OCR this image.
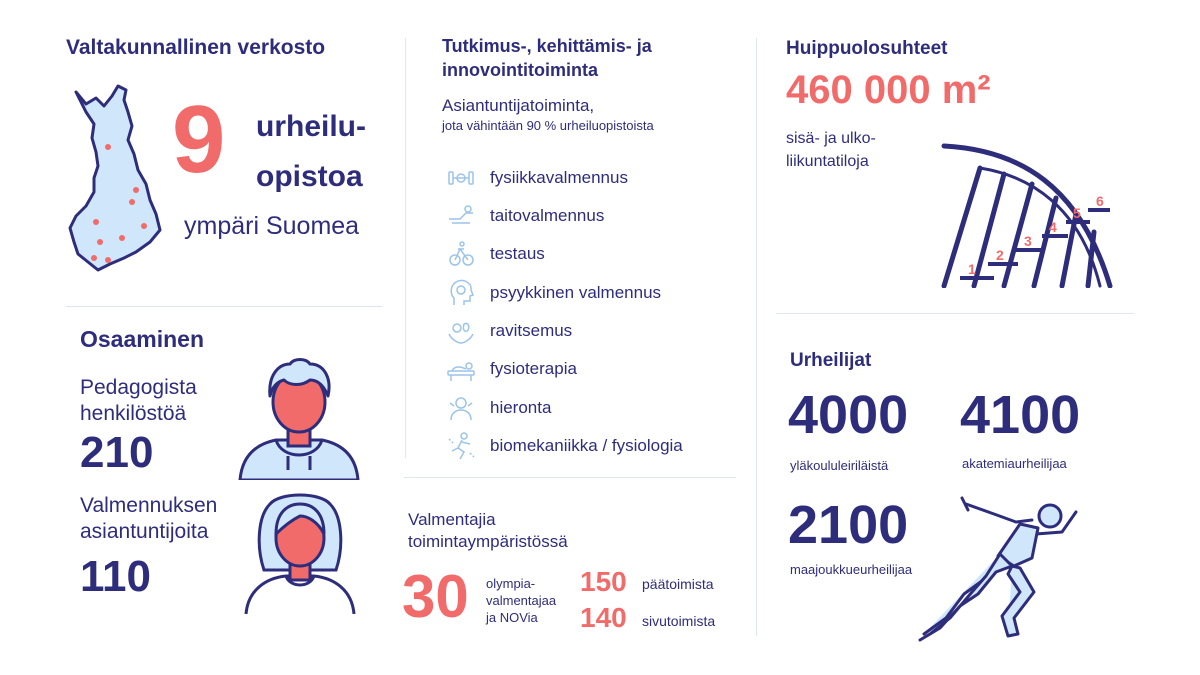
Valtakunnallinen verkosto
9 urheilu-
opistoa
ympäri Suomea
Osaaminen
Pedagogista
henkilöstöä
210
Valmennuksen
asiantuntijoita
110
Tutkimus-, kehittämis- ja
innovointitoiminta
Asiantuntijatoiminta,
jota vähintään 90 % urheiluopistoista
fysiikkavalmennus
taitovalmennus
testaus
psyykkinen valmennus
ravitsemus
fysioterapia
hieronta
biomekaniikka / fysiologia
Valmentajia
toimintaympäristössä
30 olympia-
valmentajaa
ja NOVia
150 päätoimista
140 sivutoimista
Huippuolosuhteet
460 000 m²
sisä- ja ulko-
liikuntatiloja
1
2
3
4
5
6
Urheilijat
4000
yläkoululeiriläistä
4100
akatemiaurheilijaa
2100
maajoukkueurheilijaa
